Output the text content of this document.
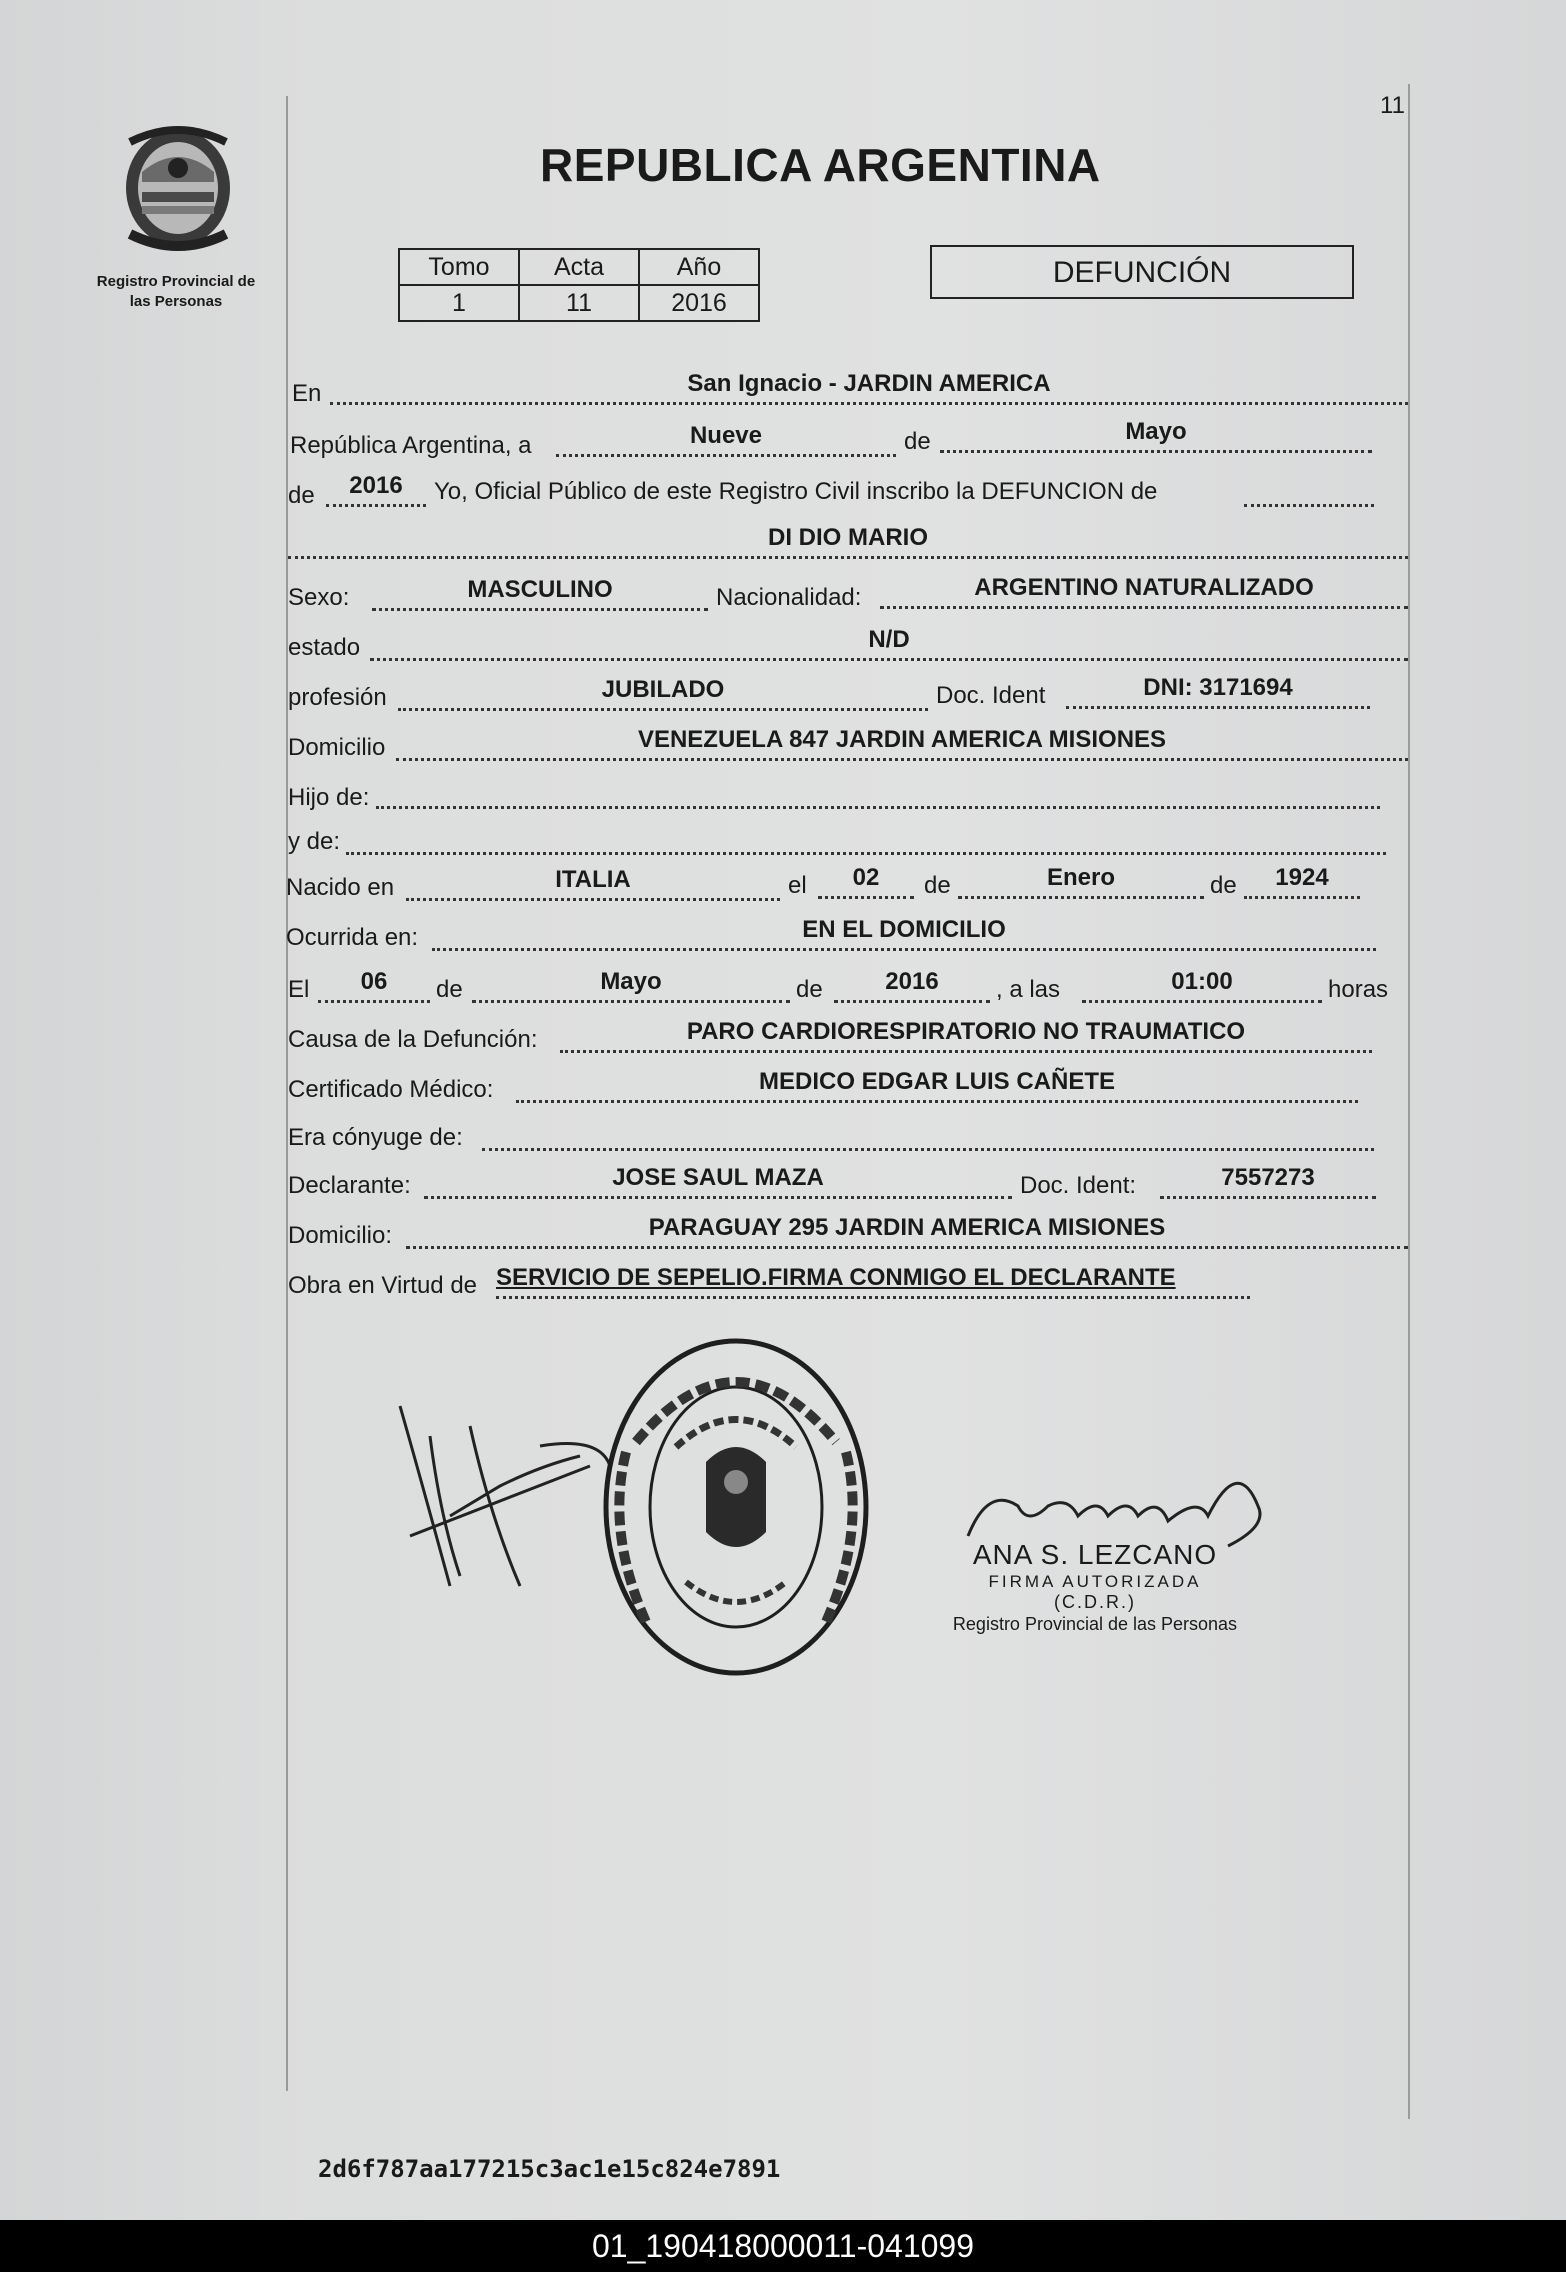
11
Registro Provincial de
las Personas
REPUBLICA ARGENTINA
Tomo	Acta	Año
1	11	2016
DEFUNCIÓN
En	San Ignacio - JARDIN AMERICA
República Argentina, a	Nueve	de	Mayo
de	2016	Yo, Oficial Público de este Registro Civil inscribo la DEFUNCION de
DI DIO MARIO
Sexo:	MASCULINO	Nacionalidad:	ARGENTINO NATURALIZADO
estado	N/D
profesión	JUBILADO	Doc. Ident	DNI: 3171694
Domicilio	VENEZUELA 847 JARDIN AMERICA MISIONES
Hijo de:
y de:
Nacido en	ITALIA	el	02	de	Enero	de	1924
Ocurrida en:	EN EL DOMICILIO
El	06	de	Mayo	de	2016	, a las	01:00	horas
Causa de la Defunción:	PARO CARDIORESPIRATORIO NO TRAUMATICO
Certificado Médico:	MEDICO EDGAR LUIS CAÑETE
Era cónyuge de:
Declarante:	JOSE SAUL MAZA	Doc. Ident:	7557273
Domicilio:	PARAGUAY 295 JARDIN AMERICA MISIONES
Obra en Virtud de SERVICIO DE SEPELIO.FIRMA CONMIGO EL DECLARANTE
ANA S. LEZCANO
FIRMA AUTORIZADA
(C.D.R.)
Registro Provincial de las Personas
2d6f787aa177215c3ac1e15c824e7891
01_190418000011-041099
